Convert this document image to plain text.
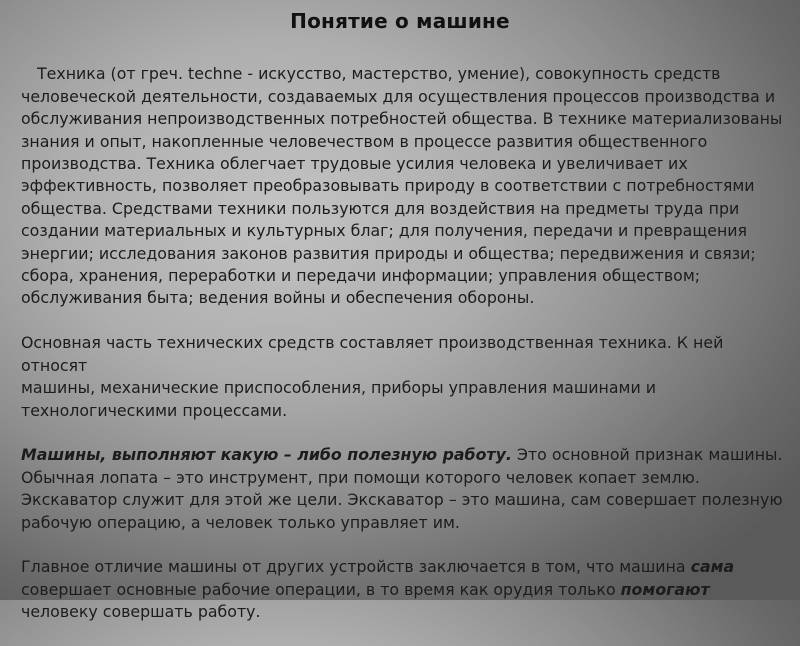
Понятие о машине

Техника (от греч. techne - искусство, мастерство, умение), совокупность средств
человеческой деятельности, создаваемых для осуществления процессов производства и
обслуживания непроизводственных потребностей общества. В технике материализованы
знания и опыт, накопленные человечеством в процессе развития общественного
производства. Техника облегчает трудовые усилия человека и увеличивает их
эффективность, позволяет преобразовывать природу в соответствии с потребностями
общества. Средствами техники пользуются для воздействия на предметы труда при
создании материальных и культурных благ; для получения, передачи и превращения
энергии; исследования законов развития природы и общества; передвижения и связи;
сбора, хранения, переработки и передачи информации; управления обществом;
обслуживания быта; ведения войны и обеспечения обороны.

Основная часть технических средств составляет производственная техника. К ней относят
машины, механические приспособления, приборы управления машинами и
технологическими процессами.

Машины, выполняют какую – либо полезную работу. Это основной признак машины.
Обычная лопата – это инструмент, при помощи которого человек копает землю.
Экскаватор служит для этой же цели. Экскаватор – это машина, сам совершает полезную
рабочую операцию, а человек только управляет им.

Главное отличие машины от других устройств заключается в том, что машина сама
совершает основные рабочие операции, в то время как орудия только помогают
человеку совершать работу.
